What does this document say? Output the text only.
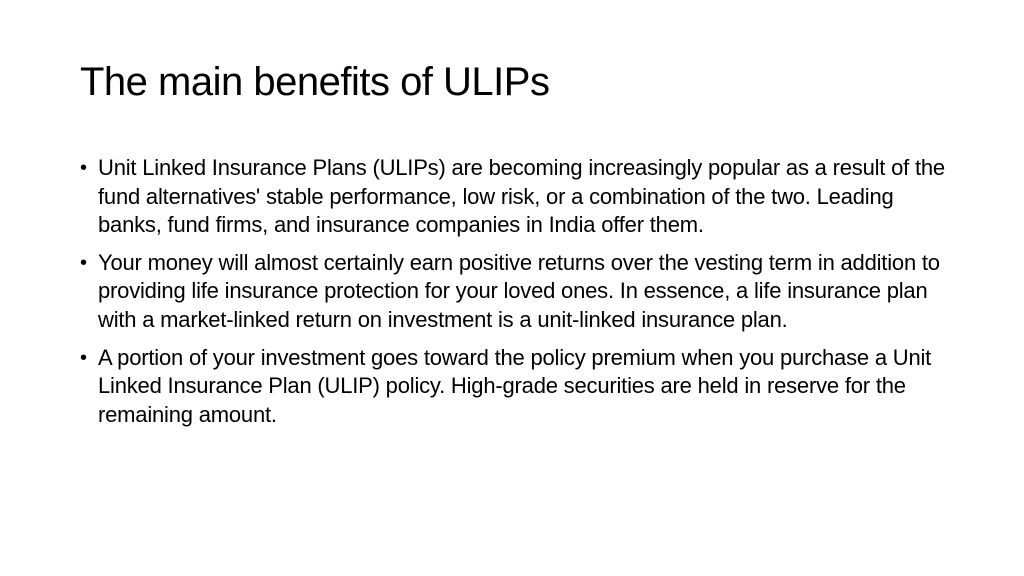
The main benefits of ULIPs
• Unit Linked Insurance Plans (ULIPs) are becoming increasingly popular as a result of the fund alternatives' stable performance, low risk, or a combination of the two. Leading banks, fund firms, and insurance companies in India offer them.
• Your money will almost certainly earn positive returns over the vesting term in addition to providing life insurance protection for your loved ones. In essence, a life insurance plan with a market-linked return on investment is a unit-linked insurance plan.
• A portion of your investment goes toward the policy premium when you purchase a Unit Linked Insurance Plan (ULIP) policy. High-grade securities are held in reserve for the remaining amount.
